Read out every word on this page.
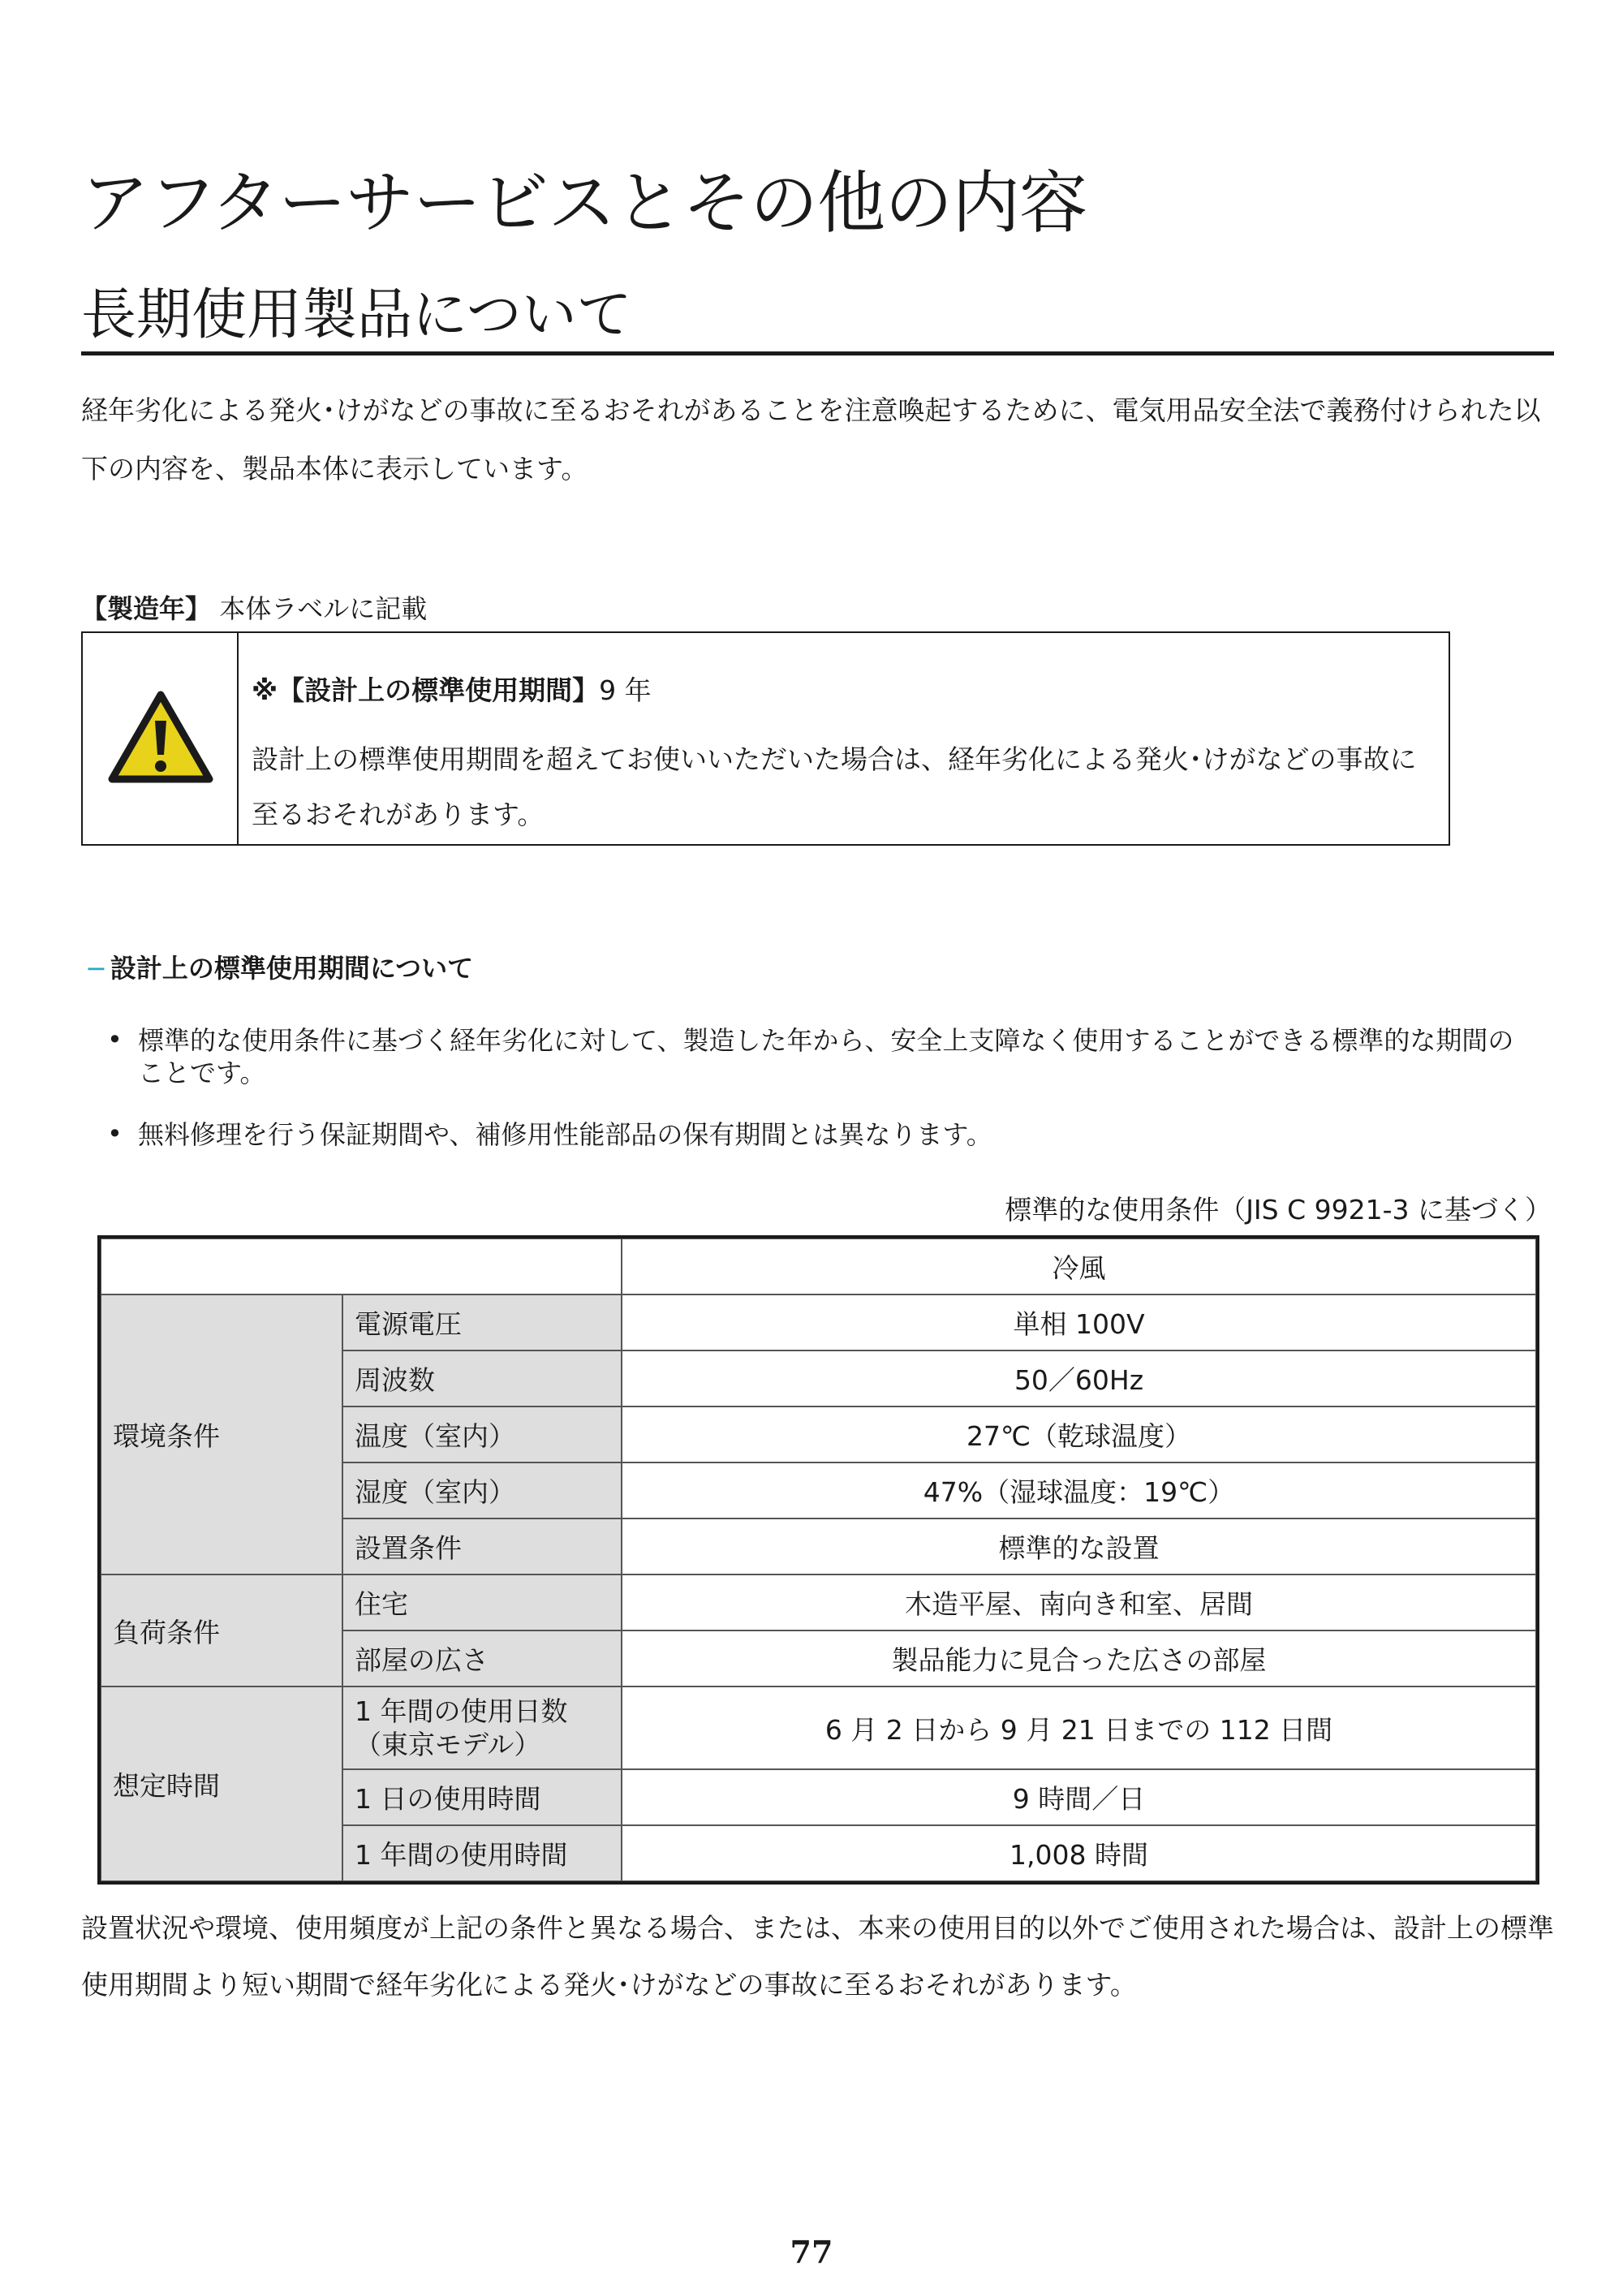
アフターサービスとその他の内容
長期使用製品について
経年劣化による発火･けがなどの事故に至るおそれがあることを注意喚起するために、電気用品安全法で義務付けられた以
下の内容を、製品本体に表示しています。
【製造年】 本体ラベルに記載
※【設計上の標準使用期間】9 年
設計上の標準使用期間を超えてお使いいただいた場合は、経年劣化による発火･けがなどの事故に
至るおそれがあります。
− 設計上の標準使用期間について
• 標準的な使用条件に基づく経年劣化に対して、製造した年から、安全上支障なく使用することができる標準的な期間の
ことです。
• 無料修理を行う保証期間や、補修用性能部品の保有期間とは異なります。
標準的な使用条件（JIS C 9921-3 に基づく）
冷風
環境条件
電源電圧	単相 100V
周波数	50／60Hz
温度（室内）	27℃（乾球温度）
湿度（室内）	47%（湿球温度：19℃）
設置条件	標準的な設置
負荷条件
住宅	木造平屋、南向き和室、居間
部屋の広さ	製品能力に見合った広さの部屋
想定時間
1 年間の使用日数
（東京モデル）	6 月 2 日から 9 月 21 日までの 112 日間
1 日の使用時間	9 時間／日
1 年間の使用時間	1,008 時間
設置状況や環境、使用頻度が上記の条件と異なる場合、または、本来の使用目的以外でご使用された場合は、設計上の標準
使用期間より短い期間で経年劣化による発火･けがなどの事故に至るおそれがあります。
77
